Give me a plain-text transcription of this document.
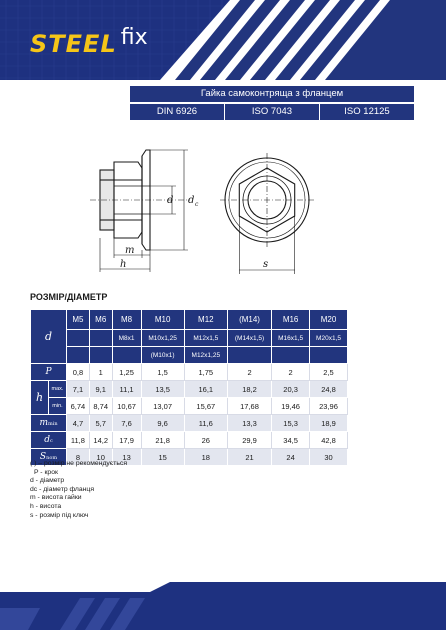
STEEL fix
Гайка самоконтряща з фланцем
DIN 6926	ISO 7043	ISO 12125
d d c
m
h	s
РОЗМІР/ДІАМЕТР
d		M5	M6	M8	M10	M12	(M14)	M16	M20
				M8x1	M10x1,25	M12x1,5	(M14x1,5)	M16x1,5	M20x1,5
					(M10x1)	M12x1,25			
P		0,8	1	1,25	1,5	1,75	2	2	2,5
h	max.	7,1	9,1	11,1	13,5	16,1	18,2	20,3	24,8
	min.	6,74	8,74	10,67	13,07	15,67	17,68	19,46	23,96
mmin		4,7	5,7	7,6	9,6	11,6	13,3	15,3	18,9
dc		11,8	14,2	17,9	21,8	26	29,9	34,5	42,8
Snom		8	10	13	15	18	21	24	30
( ) – розмір не рекомендується
P - крок
d - діаметр
dc - діаметр фланця
m - висота гайки
h - висота
s - розмір під ключ
